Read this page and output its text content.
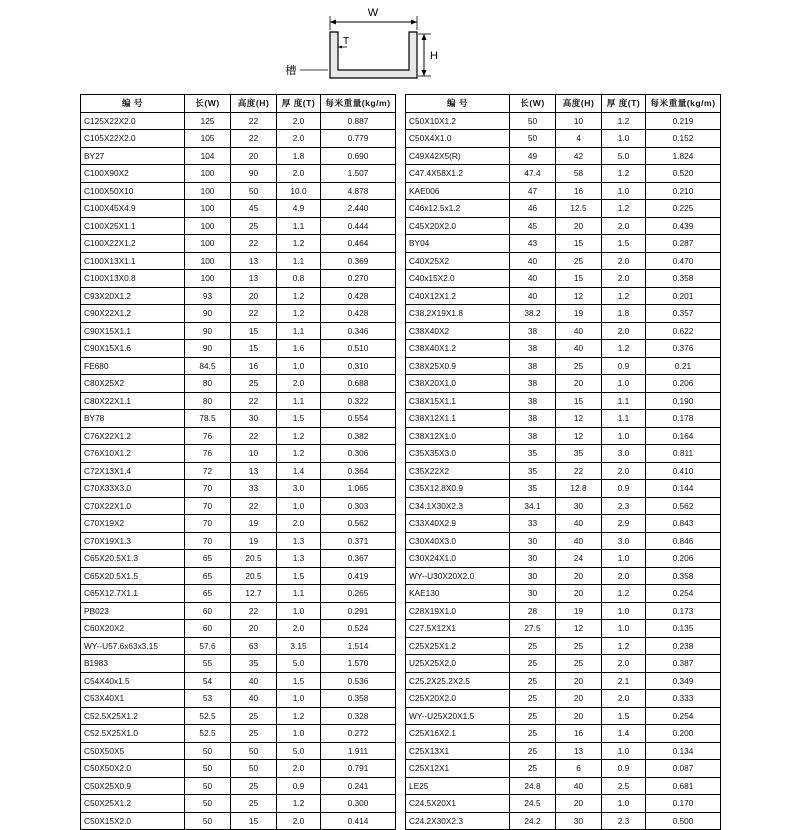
W
T
H
槽
编 号	长(W)	高度(H)	厚 度(T)	每米重量(kg/m)
C125X22X2.0	125	22	2.0	0.887
C105X22X2.0	105	22	2.0	0.779
BY27	104	20	1.8	0.690
C100X90X2	100	90	2.0	1.507
C100X50X10	100	50	10.0	4.878
C100X45X4.9	100	45	4.9	2.440
C100X25X1.1	100	25	1.1	0.444
C100X22X1.2	100	22	1.2	0.464
C100X13X1.1	100	13	1.1	0.369
C100X13X0.8	100	13	0.8	0.270
C93X20X1.2	93	20	1.2	0.428
C90X22X1.2	90	22	1.2	0.428
C90X15X1.1	90	15	1.1	0.346
C90X15X1.6	90	15	1.6	0.510
FE680	84.5	16	1.0	0.310
C80X25X2	80	25	2.0	0.688
C80X22X1.1	80	22	1.1	0.322
BY78	78.5	30	1.5	0.554
C76X22X1.2	76	22	1.2	0.382
C76X10X1.2	76	10	1.2	0.306
C72X13X1.4	72	13	1.4	0.364
C70X33X3.0	70	33	3.0	1.065
C70X22X1.0	70	22	1.0	0.303
C70X19X2	70	19	2.0	0.562
C70X19X1.3	70	19	1.3	0.371
C65X20.5X1.3	65	20.5	1.3	0.367
C65X20.5X1.5	65	20.5	1.5	0.419
C65X12.7X1.1	65	12.7	1.1	0.265
PB023	60	22	1.0	0.291
C60X20X2	60	20	2.0	0.524
WY--U57.6x63x3.15	57.6	63	3.15	1.514
B1983	55	35	5.0	1.570
C54X40x1.5	54	40	1.5	0.536
C53X40X1	53	40	1.0	0.358
C52.5X25X1.2	52.5	25	1.2	0.328
C52.5X25X1.0	52.5	25	1.0	0.272
C50X50X5	50	50	5.0	1.911
C50X50X2.0	50	50	2.0	0.791
C50X25X0.9	50	25	0.9	0.241
C50X25X1.2	50	25	1.2	0.300
C50X15X2.0	50	15	2.0	0.414
编 号	长(W)	高度(H)	厚 度(T)	每米重量(kg/m)
C50X10X1.2	50	10	1.2	0.219
C50X4X1.0	50	4	1.0	0.152
C49X42X5(R)	49	42	5.0	1.824
C47.4X58X1.2	47.4	58	1.2	0.520
KAE006	47	16	1.0	0.210
C46x12.5x1.2	46	12.5	1.2	0.225
C45X20X2.0	45	20	2.0	0.439
BY04	43	15	1.5	0.287
C40X25X2	40	25	2.0	0.470
C40x15X2.0	40	15	2.0	0.358
C40X12X1.2	40	12	1.2	0.201
C38.2X19X1.8	38.2	19	1.8	0.357
C38X40X2	38	40	2.0	0.622
C38X40X1.2	38	40	1.2	0.376
C38X25X0.9	38	25	0.9	0.21
C38X20X1.0	38	20	1.0	0.206
C38X15X1.1	38	15	1.1	0.190
C38X12X1.1	38	12	1.1	0.178
C38X12X1.0	38	12	1.0	0.164
C35X35X3.0	35	35	3.0	0.811
C35X22X2	35	22	2.0	0.410
C35X12.8X0.9	35	12.8	0.9	0.144
C34.1X30X2.3	34.1	30	2.3	0.562
C33X40X2.9	33	40	2.9	0.843
C30X40X3.0	30	40	3.0	0.846
C30X24X1.0	30	24	1.0	0.206
WY--U30X20X2.0	30	20	2.0	0.358
KAE130	30	20	1.2	0.254
C28X19X1.0	28	19	1.0	0.173
C27.5X12X1	27.5	12	1.0	0.135
C25X25X1.2	25	25	1.2	0.238
U25X25X2.0	25	25	2.0	0.387
C25.2X25.2X2.5	25	20	2.1	0.349
C25X20X2.0	25	20	2.0	0.333
WY--U25X20X1.5	25	20	1.5	0.254
C25X16X2.1	25	16	1.4	0.200
C25X13X1	25	13	1.0	0.134
C25X12X1	25	6	0.9	0.087
LE25	24.8	40	2.5	0.681
C24.5X20X1	24.5	20	1.0	0.170
C24.2X30X2.3	24.2	30	2.3	0.500
